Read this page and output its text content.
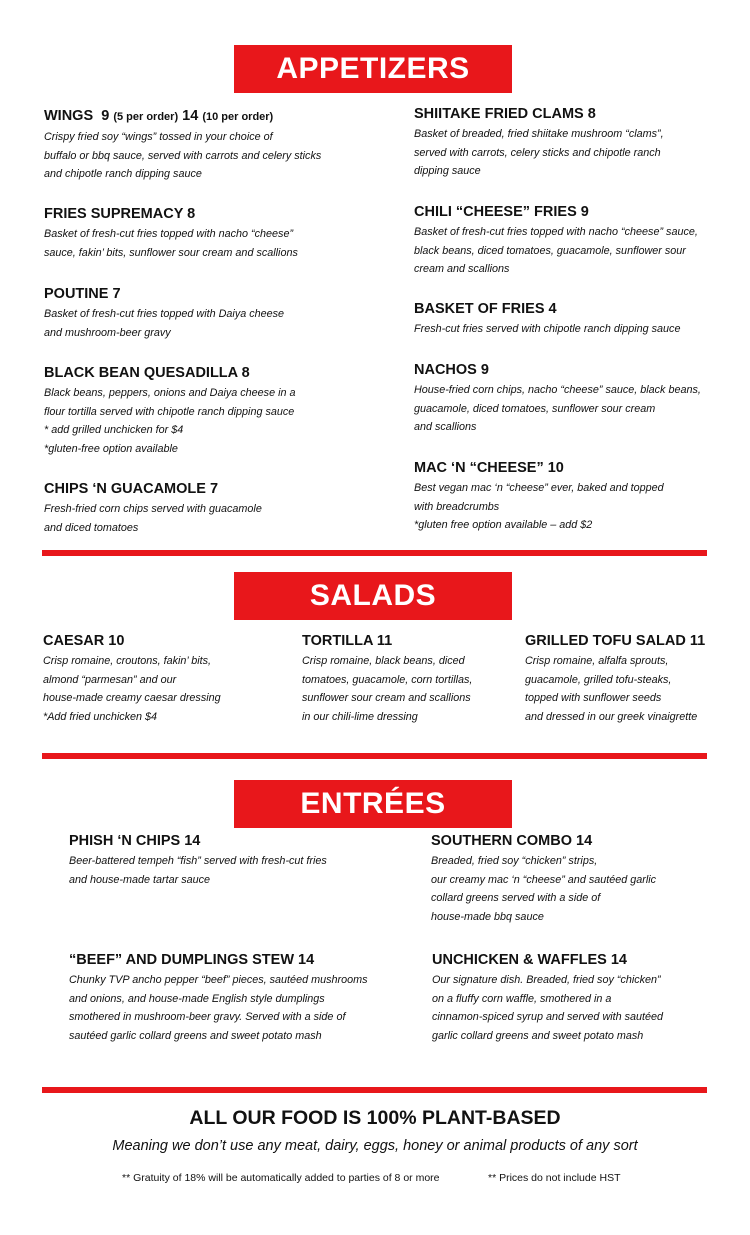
APPETIZERS
WINGS 9 (5 per order) 14 (10 per order)
Crispy fried soy “wings” tossed in your choice of
buffalo or bbq sauce, served with carrots and celery sticks
and chipotle ranch dipping sauce
FRIES SUPREMACY 8
Basket of fresh-cut fries topped with nacho “cheese”
sauce, fakin’ bits, sunflower sour cream and scallions
POUTINE 7
Basket of fresh-cut fries topped with Daiya cheese
and mushroom-beer gravy
BLACK BEAN QUESADILLA 8
Black beans, peppers, onions and Daiya cheese in a
flour tortilla served with chipotle ranch dipping sauce
* add grilled unchicken for $4
*gluten-free option available
CHIPS ‘N GUACAMOLE 7
Fresh-fried corn chips served with guacamole
and diced tomatoes
SHIITAKE FRIED CLAMS 8
Basket of breaded, fried shiitake mushroom “clams”,
served with carrots, celery sticks and chipotle ranch
dipping sauce
CHILI “CHEESE” FRIES 9
Basket of fresh-cut fries topped with nacho “cheese” sauce,
black beans, diced tomatoes, guacamole, sunflower sour
cream and scallions
BASKET OF FRIES 4
Fresh-cut fries served with chipotle ranch dipping sauce
NACHOS 9
House-fried corn chips, nacho “cheese” sauce, black beans,
guacamole, diced tomatoes, sunflower sour cream
and scallions
MAC ‘N “CHEESE” 10
Best vegan mac ‘n “cheese” ever, baked and topped
with breadcrumbs
*gluten free option available – add $2
SALADS
CAESAR 10
Crisp romaine, croutons, fakin’ bits,
almond “parmesan” and our
house-made creamy caesar dressing
*Add fried unchicken $4
TORTILLA 11
Crisp romaine, black beans, diced
tomatoes, guacamole, corn tortillas,
sunflower sour cream and scallions
in our chili-lime dressing
GRILLED TOFU SALAD 11
Crisp romaine, alfalfa sprouts,
guacamole, grilled tofu-steaks,
topped with sunflower seeds
and dressed in our greek vinaigrette
ENTRÉES
PHISH ‘N CHIPS 14
Beer-battered tempeh “fish” served with fresh-cut fries
and house-made tartar sauce
SOUTHERN COMBO 14
Breaded, fried soy “chicken” strips,
our creamy mac ‘n “cheese” and sautéed garlic
collard greens served with a side of
house-made bbq sauce
“BEEF” AND DUMPLINGS STEW 14
Chunky TVP ancho pepper “beef” pieces, sautéed mushrooms
and onions, and house-made English style dumplings
smothered in mushroom-beer gravy. Served with a side of
sautéed garlic collard greens and sweet potato mash
UNCHICKEN & WAFFLES 14
Our signature dish. Breaded, fried soy “chicken”
on a fluffy corn waffle, smothered in a
cinnamon-spiced syrup and served with sautéed
garlic collard greens and sweet potato mash
ALL OUR FOOD IS 100% PLANT-BASED
Meaning we don’t use any meat, dairy, eggs, honey or animal products of any sort
** Gratuity of 18% will be automatically added to parties of 8 or more	** Prices do not include HST
